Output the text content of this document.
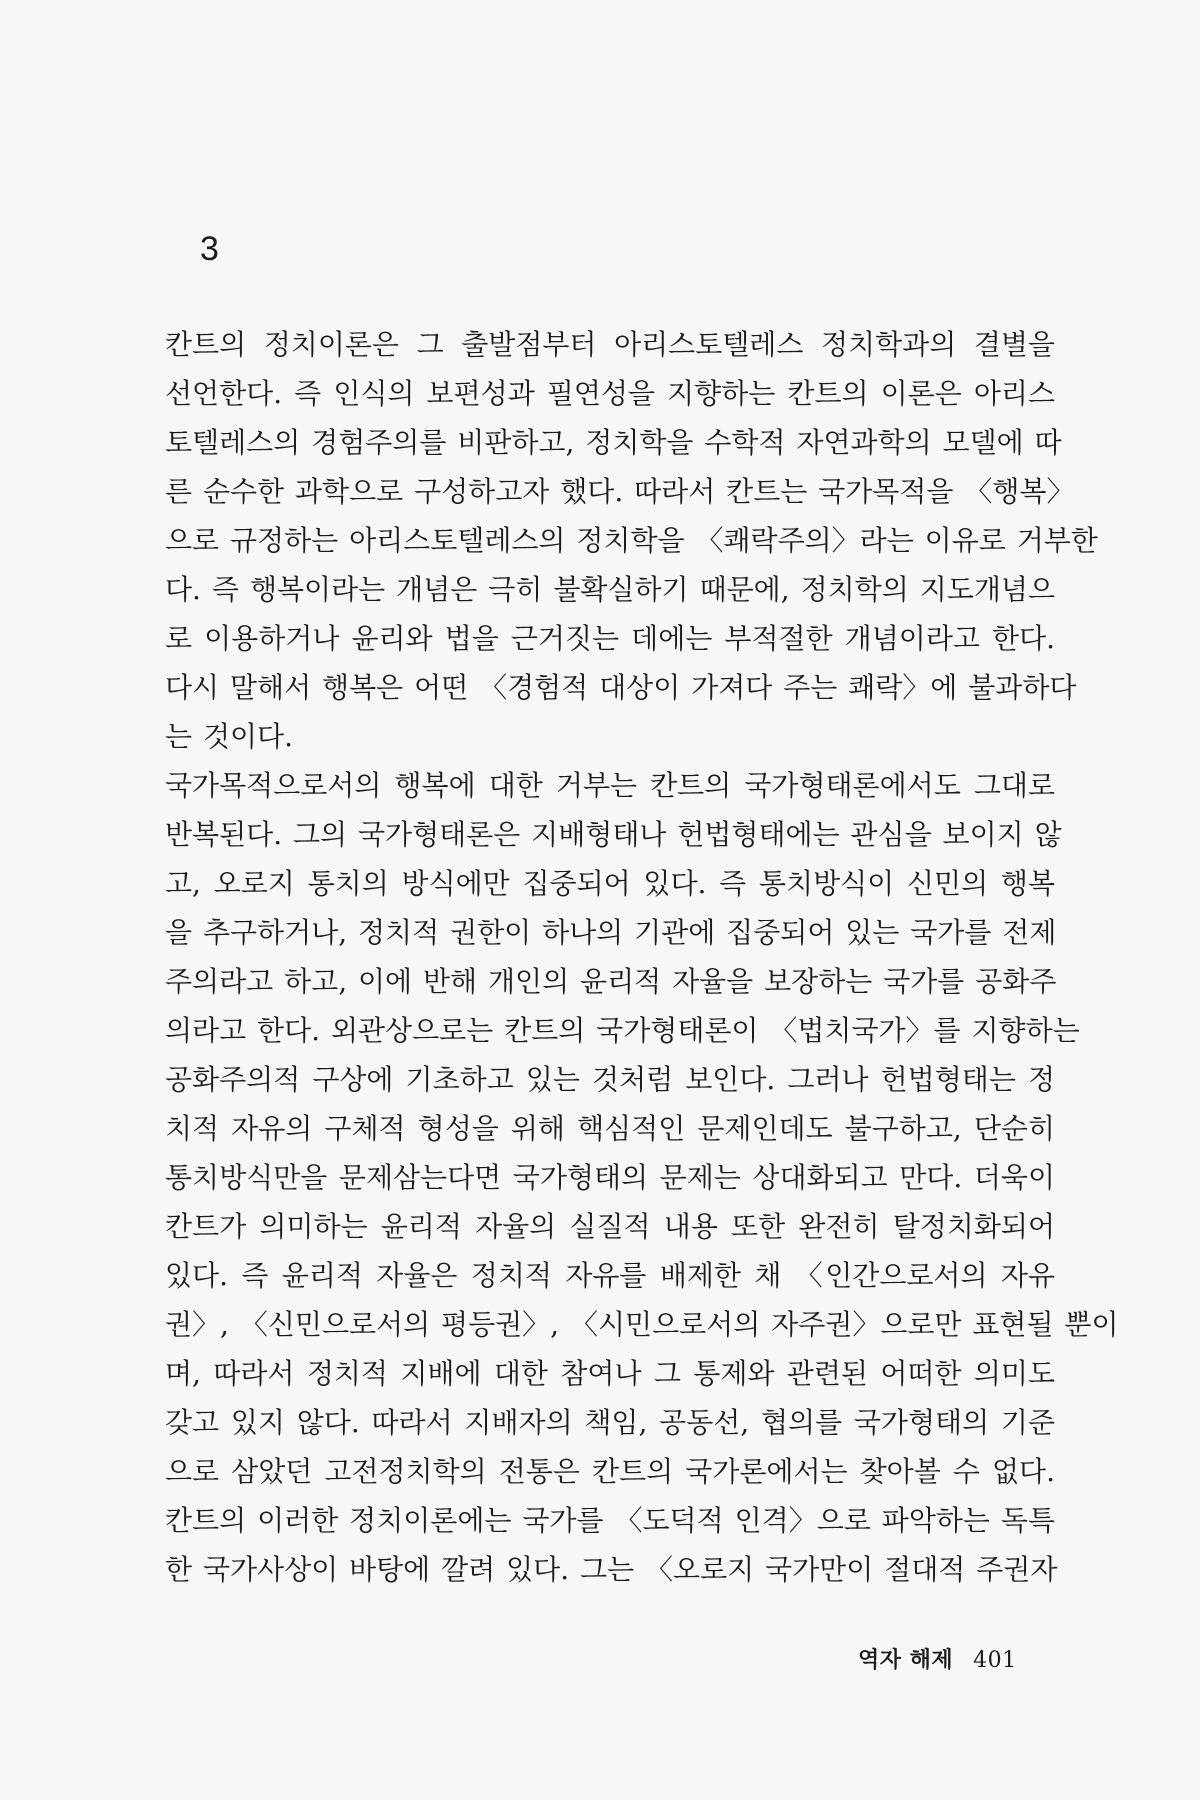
3
칸트의 정치이론은 그 출발점부터 아리스토텔레스 정치학과의 결별을
선언한다. 즉 인식의 보편성과 필연성을 지향하는 칸트의 이론은 아리스
토텔레스의 경험주의를 비판하고, 정치학을 수학적 자연과학의 모델에 따
른 순수한 과학으로 구성하고자 했다. 따라서 칸트는 국가목적을 〈행복〉
으로 규정하는 아리스토텔레스의 정치학을 〈쾌락주의〉라는 이유로 거부한
다. 즉 행복이라는 개념은 극히 불확실하기 때문에, 정치학의 지도개념으
로 이용하거나 윤리와 법을 근거짓는 데에는 부적절한 개념이라고 한다.
다시 말해서 행복은 어떤 〈경험적 대상이 가져다 주는 쾌락〉에 불과하다
는 것이다.
국가목적으로서의 행복에 대한 거부는 칸트의 국가형태론에서도 그대로
반복된다. 그의 국가형태론은 지배형태나 헌법형태에는 관심을 보이지 않
고, 오로지 통치의 방식에만 집중되어 있다. 즉 통치방식이 신민의 행복
을 추구하거나, 정치적 권한이 하나의 기관에 집중되어 있는 국가를 전제
주의라고 하고, 이에 반해 개인의 윤리적 자율을 보장하는 국가를 공화주
의라고 한다. 외관상으로는 칸트의 국가형태론이 〈법치국가〉를 지향하는
공화주의적 구상에 기초하고 있는 것처럼 보인다. 그러나 헌법형태는 정
치적 자유의 구체적 형성을 위해 핵심적인 문제인데도 불구하고, 단순히
통치방식만을 문제삼는다면 국가형태의 문제는 상대화되고 만다. 더욱이
칸트가 의미하는 윤리적 자율의 실질적 내용 또한 완전히 탈정치화되어
있다. 즉 윤리적 자율은 정치적 자유를 배제한 채 〈인간으로서의 자유
권〉, 〈신민으로서의 평등권〉, 〈시민으로서의 자주권〉으로만 표현될 뿐이
며, 따라서 정치적 지배에 대한 참여나 그 통제와 관련된 어떠한 의미도
갖고 있지 않다. 따라서 지배자의 책임, 공동선, 협의를 국가형태의 기준
으로 삼았던 고전정치학의 전통은 칸트의 국가론에서는 찾아볼 수 없다.
칸트의 이러한 정치이론에는 국가를 〈도덕적 인격〉으로 파악하는 독특
한 국가사상이 바탕에 깔려 있다. 그는 〈오로지 국가만이 절대적 주권자
역자 해제 401
